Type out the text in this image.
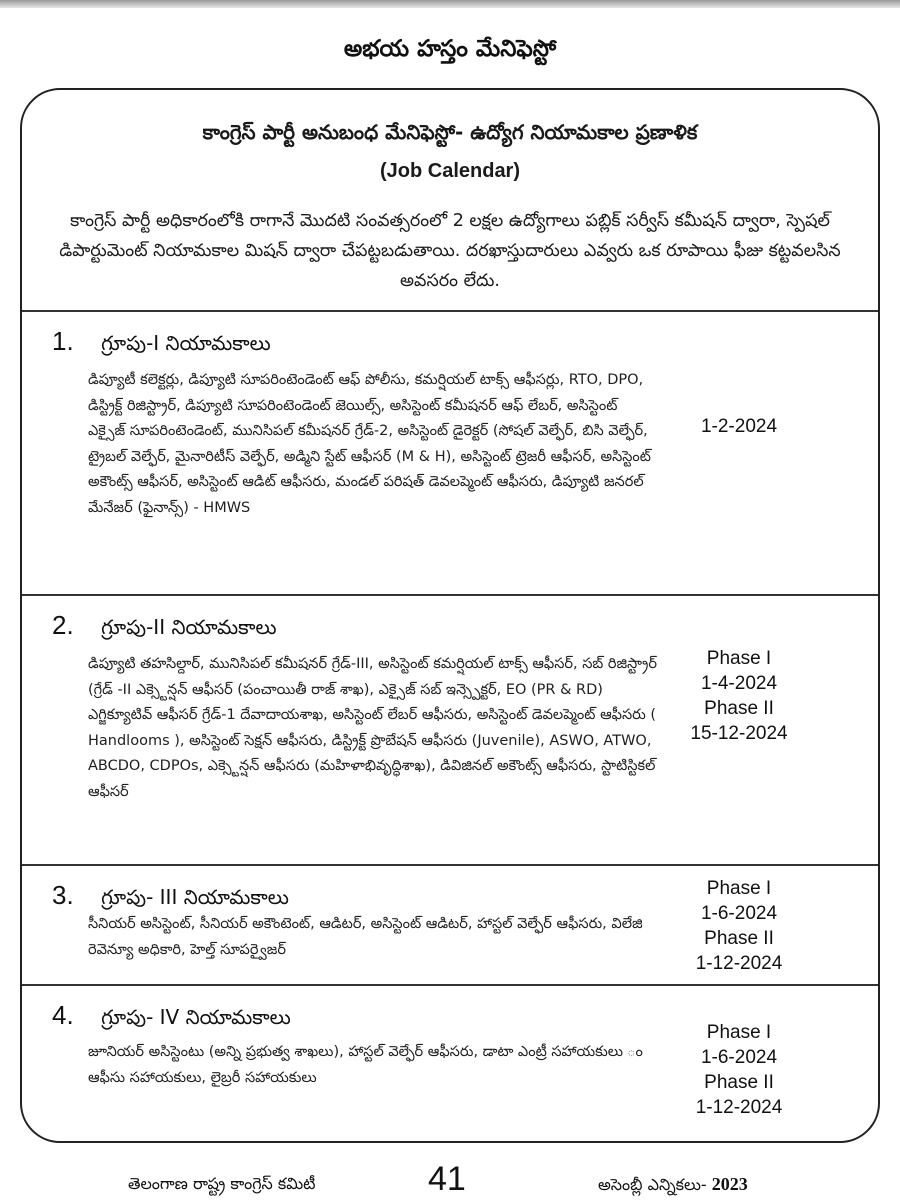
అభయ హస్తం మేనిఫెస్టో
కాంగ్రెస్ పార్టీ అనుబంధ మేనిఫెస్టో- ఉద్యోగ నియామకాల ప్రణాళిక
(Job Calendar)
కాంగ్రెస్ పార్టీ అధికారంలోకి రాగానే మొదటి సంవత్సరంలో 2 లక్షల ఉద్యోగాలు పబ్లిక్ సర్వీస్ కమీషన్ ద్వారా, స్పెషల్ డిపార్టుమెంట్ నియామకాల మిషన్ ద్వారా చేపట్టబడుతాయి. దరఖాస్తుదారులు ఎవ్వరు ఒక రూపాయి ఫీజు కట్టవలసిన అవసరం లేదు.
1. గ్రూపు-I నియామకాలు
డిప్యూటీ కలెక్టర్లు, డిప్యూటి సూపరింటెండెంట్ ఆఫ్ పోలీసు, కమర్షియల్ టాక్స్ ఆఫీసర్లు, RTO, DPO, డిస్ట్రిక్ట్ రిజిస్ట్రార్, డిప్యూటి సూపరింటెండెంట్ జెయిల్స్, అసిస్టెంట్ కమీషనర్ ఆఫ్ లేబర్, అసిస్టెంట్ ఎక్సైజ్ సూపరింటెండెంట్, మునిసిపల్ కమీషనర్ గ్రేడ్-2, అసిస్టెంట్ డైరెక్టర్ (సోషల్ వెల్ఫేర్, బిసి వెల్ఫేర్, ట్రైబల్ వెల్ఫేర్, మైనారిటీస్ వెల్ఫేర్, అడ్మిని స్టేట్ ఆఫీసర్ (M & H), అసిస్టెంట్ ట్రెజరీ ఆఫీసర్, అసిస్టెంట్ అకౌంట్స్ ఆఫీసర్, అసిస్టెంట్ ఆడిట్ ఆఫీసరు, మండల్ పరిషత్ డెవలప్మెంట్ ఆఫీసరు, డిప్యూటి జనరల్ మేనేజర్ (ఫైనాన్స్) - HMWS
1-2-2024
2. గ్రూపు-II నియామకాలు
డిప్యూటి తహసిల్దార్, మునిసిపల్ కమీషనర్ గ్రేడ్-III, అసిస్టెంట్ కమర్షియల్ టాక్స్ ఆఫీసర్, సబ్ రిజిస్ట్రార్ (గ్రేడ్ -II ఎక్స్టెన్షన్ ఆఫీసర్ (పంచాయితీ రాజ్ శాఖ), ఎక్సైజ్ సబ్ ఇన్స్పెక్టర్, EO (PR & RD) ఎగ్జిక్యూటివ్ ఆఫీసర్ గ్రేడ్-1 దేవాదాయశాఖ, అసిస్టెంట్ లేబర్ ఆఫీసరు, అసిస్టెంట్ డెవలప్మెంట్ ఆఫీసరు ( Handlooms ), అసిస్టెంట్ సెక్షన్ ఆఫీసరు, డిస్ట్రిక్ట్ ప్రొబేషన్ ఆఫీసరు (Juvenile), ASWO, ATWO, ABCDO, CDPOs, ఎక్స్టెన్షన్ ఆఫీసరు (మహిళాభివృద్ధిశాఖ), డివిజినల్ అకౌంట్స్ ఆఫీసరు, స్టాటిస్టికల్ ఆఫీసర్
Phase I
1-4-2024
Phase II
15-12-2024
3. గ్రూపు- III నియామకాలు
సీనియర్ అసిస్టెంట్, సీనియర్ అకౌంటెంట్, ఆడిటర్, అసిస్టెంట్ ఆడిటర్, హాస్టల్ వెల్ఫేర్ ఆఫీసరు, విలేజి రెవెన్యూ అధికారి, హెల్త్ సూపర్వైజర్
Phase I
1-6-2024
Phase II
1-12-2024
4. గ్రూపు- IV నియామకాలు
జూనియర్ అసిస్టెంటు (అన్ని ప్రభుత్వ శాఖలు), హాస్టల్ వెల్ఫేర్ ఆఫీసరు, డాటా ఎంట్రీ సహాయకులు ం ఆఫీసు సహాయకులు, లైబ్రరీ సహాయకులు
Phase I
1-6-2024
Phase II
1-12-2024
తెలంగాణ రాష్ట్ర కాంగ్రెస్ కమిటీ	41	అసెంబ్లీ ఎన్నికలు- 2023
